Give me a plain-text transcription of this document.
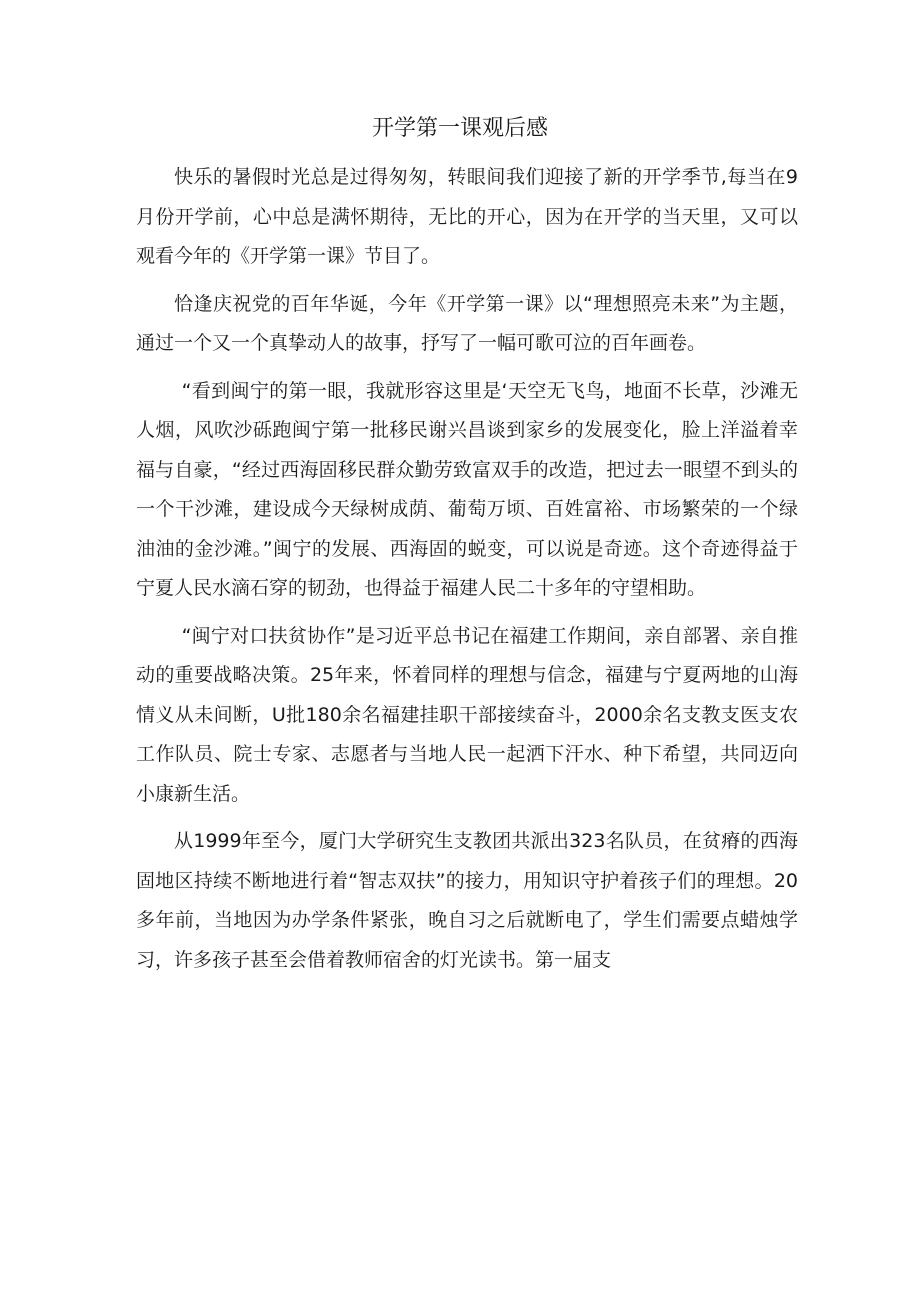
开学第一课观后感

快乐的暑假时光总是过得匆匆，转眼间我们迎接了新的开学季节,每当在9月份开学前，心中总是满怀期待，无比的开心，因为在开学的当天里，又可以观看今年的《开学第一课》节目了。

恰逢庆祝党的百年华诞，今年《开学第一课》以“理想照亮未来”为主题，通过一个又一个真挚动人的故事，抒写了一幅可歌可泣的百年画卷。

“看到闽宁的第一眼，我就形容这里是‘天空无飞鸟，地面不长草，沙滩无人烟，风吹沙砾跑闽宁第一批移民谢兴昌谈到家乡的发展变化，脸上洋溢着幸福与自豪，“经过西海固移民群众勤劳致富双手的改造，把过去一眼望不到头的一个干沙滩，建设成今天绿树成荫、葡萄万顷、百姓富裕、市场繁荣的一个绿油油的金沙滩。”闽宁的发展、西海固的蜕变，可以说是奇迹。这个奇迹得益于宁夏人民水滴石穿的韧劲，也得益于福建人民二十多年的守望相助。

“闽宁对口扶贫协作”是习近平总书记在福建工作期间，亲自部署、亲自推动的重要战略决策。25年来，怀着同样的理想与信念，福建与宁夏两地的山海情义从未间断，U批180余名福建挂职干部接续奋斗，2000余名支教支医支农工作队员、院士专家、志愿者与当地人民一起洒下汗水、种下希望，共同迈向小康新生活。

从1999年至今，厦门大学研究生支教团共派出323名队员，在贫瘠的西海固地区持续不断地进行着“智志双扶”的接力，用知识守护着孩子们的理想。20多年前，当地因为办学条件紧张，晚自习之后就断电了，学生们需要点蜡烛学习，许多孩子甚至会借着教师宿舍的灯光读书。第一届支
